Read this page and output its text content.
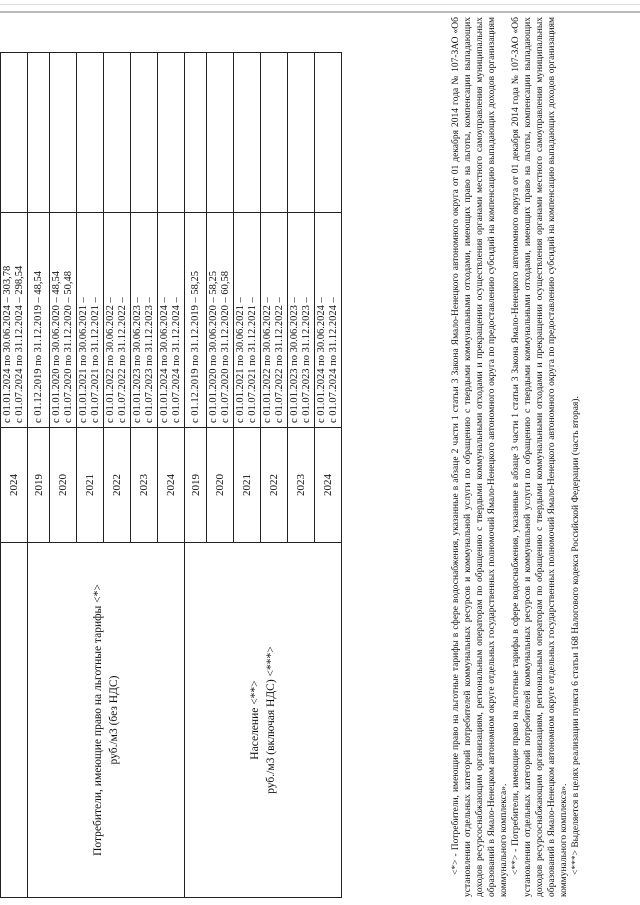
	2024	с 01.01.2024 по 30.06.2024 – 303,78 с 01.07.2024 по 31.12.2024 – 298,54	

Потребители, имеющие право на льготные тарифы <*> руб./м3 (без НДС)	2019	с 01.12.2019 по 31.12.2019 – 48,54	

	2020	с 01.01.2020 по 30.06.2020 – 48,54 с 01.07.2020 по 31.12.2020 – 50,48	

	2021	с 01.01.2021 по 30.06.2021 – с 01.07.2021 по 31.12.2021 –	

	2022	с 01.01.2022 по 30.06.2022 – с 01.07.2022 по 31.12.2022 –	

	2023	с 01.01.2023 по 30.06.2023 – с 01.07.2023 по 31.12.2023 –	

	2024	с 01.01.2024 по 30.06.2024 – с 01.07.2024 по 31.12.2024 –	

Население <**> руб./м3 (включая НДС) <***>	2019	с 01.12.2019 по 31.12.2019 – 58,25	

	2020	с 01.01.2020 по 30.06.2020 – 58,25 с 01.07.2020 по 31.12.2020 – 60,58	

	2021	с 01.01.2021 по 30.06.2021 – с 01.07.2021 по 31.12.2021 –	

	2022	с 01.01.2022 по 30.06.2022 – с 01.07.2022 по 31.12.2022 –	

	2023	с 01.01.2023 по 30.06.2023 – с 01.07.2023 по 31.12.2023 –	

	2024	с 01.01.2024 по 30.06.2024 – с 01.07.2024 по 31.12.2024 –	
		<*> - Потребители, имеющие право на льготные тарифы в сфере водоснабжения, указанные в абзаце 2 части 1 статьи 3 Закона Ямало-Ненецкого автономного округа от 01 декабря 2014 года № 107-ЗАО «Об установлении отдельных категорий потребителей коммунальных ресурсов и коммунальной услуги по обращению с твердыми коммунальными отходами, имеющих право на льготы, компенсации выпадающих доходов ресурсоснабжающим организациям, региональным операторам по обращению с твердыми коммунальными отходами и прекращении осуществления органами местного самоуправления муниципальных образований в Ямало-Ненецком автономном округе отдельных государственных полномочий Ямало-Ненецкого автономного округа по предоставлению субсидий на компенсацию выпадающих доходов организациям коммунального комплекса». <**> - Потребители, имеющие право на льготные тарифы в сфере водоснабжения, указанные в абзаце 3 части 1 статьи 3 Закона Ямало-Ненецкого автономного округа от 01 декабря 2014 года № 107-ЗАО «Об установлении отдельных категорий потребителей коммунальных ресурсов и коммунальной услуги по обращению с твердыми коммунальными отходами, имеющих право на льготы, компенсации выпадающих доходов ресурсоснабжающим организациям, региональным операторам по обращению с твердыми коммунальными отходами и прекращении осуществления органами местного самоуправления муниципальных образований в Ямало-Ненецком автономном округе отдельных государственных полномочий Ямало-Ненецкого автономного округа по предоставлению субсидий на компенсацию выпадающих доходов организациям коммунального комплекса». <***> Выделяется в целях реализации пункта 6 статьи 168 Налогового кодекса Российской Федерации (часть вторая).
